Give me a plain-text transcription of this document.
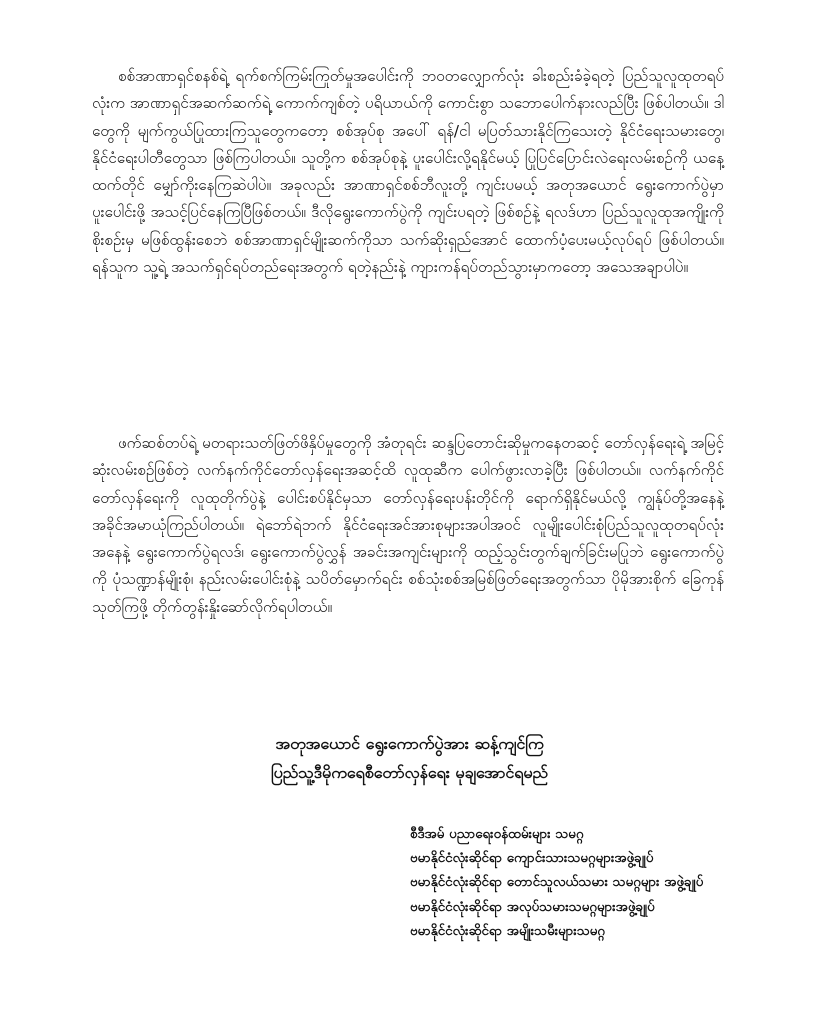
စစ်အာဏာရှင်စနစ်ရဲ့ ရက်စက်ကြမ်းကြုတ်မှုအပေါင်းကို ဘဝတလျှောက်လုံး ခါးစည်းခံခဲ့ရတဲ့ ပြည်သူလူထုတရပ်လုံးက အာဏာရှင်အဆက်ဆက်ရဲ့ ကောက်ကျစ်တဲ့ ပရိယာယ်ကို ကောင်းစွာ သဘောပေါက်နားလည်ပြီး ဖြစ်ပါတယ်။ ဒါတွေကို မျက်ကွယ်ပြုထားကြသူတွေကတော့ စစ်အုပ်စု အပေါ် ရန်/ငါ မပြတ်သားနိုင်ကြသေးတဲ့ နိုင်ငံရေးသမားတွေ၊ နိုင်ငံရေးပါတီတွေသာ ဖြစ်ကြပါတယ်။ သူတို့က စစ်အုပ်စုနဲ့ ပူးပေါင်းလို့ရနိုင်မယ့် ပြုပြင်ပြောင်းလဲရေးလမ်းစဉ်ကို ယနေ့ထက်တိုင် မျှော်ကိုးနေကြဆဲပါပဲ။ အခုလည်း အာဏာရှင်စစ်ဘီလူးတို့ ကျင်းပမယ့် အတုအယောင် ရွေးကောက်ပွဲမှာ ပူးပေါင်းဖို့ အသင့်ပြင်နေကြပြီဖြစ်တယ်။ ဒီလိုရွေးကောက်ပွဲကို ကျင်းပရတဲ့ ဖြစ်စဉ်နဲ့ ရလဒ်ဟာ ပြည်သူလူထုအကျိုးကို စိုးစဉ်းမှ မဖြစ်ထွန်းစေဘဲ စစ်အာဏာရှင်မျိုးဆက်ကိုသာ သက်ဆိုးရှည်အောင် ထောက်ပံ့ပေးမယ့်လုပ်ရပ် ဖြစ်ပါတယ်။ ရန်သူက သူ့ရဲ့ အသက်ရှင်ရပ်တည်ရေးအတွက် ရတဲ့နည်းနဲ့ ကျားကန်ရပ်တည်သွားမှာကတော့ အသေအချာပါပဲ။

ဖက်ဆစ်တပ်ရဲ့ မတရားသတ်ဖြတ်ဖိနှိပ်မှုတွေကို အံတုရင်း ဆန္ဒပြတောင်းဆိုမှုကနေတဆင့် တော်လှန်ရေးရဲ့ အမြင့်ဆုံးလမ်းစဉ်ဖြစ်တဲ့ လက်နက်ကိုင်တော်လှန်ရေးအဆင့်ထိ လူထုဆီက ပေါက်ဖွားလာခဲ့ပြီး ဖြစ်ပါတယ်။ လက်နက်ကိုင်တော်လှန်ရေးကို လူထုတိုက်ပွဲနဲ့ ပေါင်းစပ်နိုင်မှသာ တော်လှန်ရေးပန်းတိုင်ကို ရောက်ရှိနိုင်မယ်လို့ ကျွန်ုပ်တို့အနေနဲ့ အခိုင်အမာယုံကြည်ပါတယ်။ ရဲဘော်ရဲဘက် နိုင်ငံရေးအင်အားစုများအပါအဝင် လူမျိုးပေါင်းစုံပြည်သူလူထုတရပ်လုံးအနေနဲ့ ရွေးကောက်ပွဲရလဒ်၊ ရွေးကောက်ပွဲလွှန် အခင်းအကျင်းများကို ထည့်သွင်းတွက်ချက်ခြင်းမပြုဘဲ ရွေးကောက်ပွဲကို ပုံသဏ္ဍာန်မျိုးစုံ၊ နည်းလမ်းပေါင်းစုံနဲ့ သပိတ်မှောက်ရင်း စစ်သုံးစစ်အမြစ်ဖြတ်ရေးအတွက်သာ ပိုမိုအားစိုက် ခြေကုန်သုတ်ကြဖို့ တိုက်တွန်းနှိုးဆော်လိုက်ရပါတယ်။

အတုအယောင် ရွေးကောက်ပွဲအား ဆန့်ကျင်ကြ

ပြည်သူ့ဒီမိုကရေစီတော်လှန်ရေး မုချအောင်ရမည်

စီဒီအမ် ပညာရေးဝန်ထမ်းများ သမဂ္ဂ
ဗမာနိုင်ငံလုံးဆိုင်ရာ ကျောင်းသားသမဂ္ဂများအဖွဲ့ချုပ်
ဗမာနိုင်ငံလုံးဆိုင်ရာ တောင်သူလယ်သမား သမဂ္ဂများ အဖွဲ့ချုပ်
ဗမာနိုင်ငံလုံးဆိုင်ရာ အလုပ်သမားသမဂ္ဂများအဖွဲ့ချုပ်
ဗမာနိုင်ငံလုံးဆိုင်ရာ အမျိုးသမီးများသမဂ္ဂ
